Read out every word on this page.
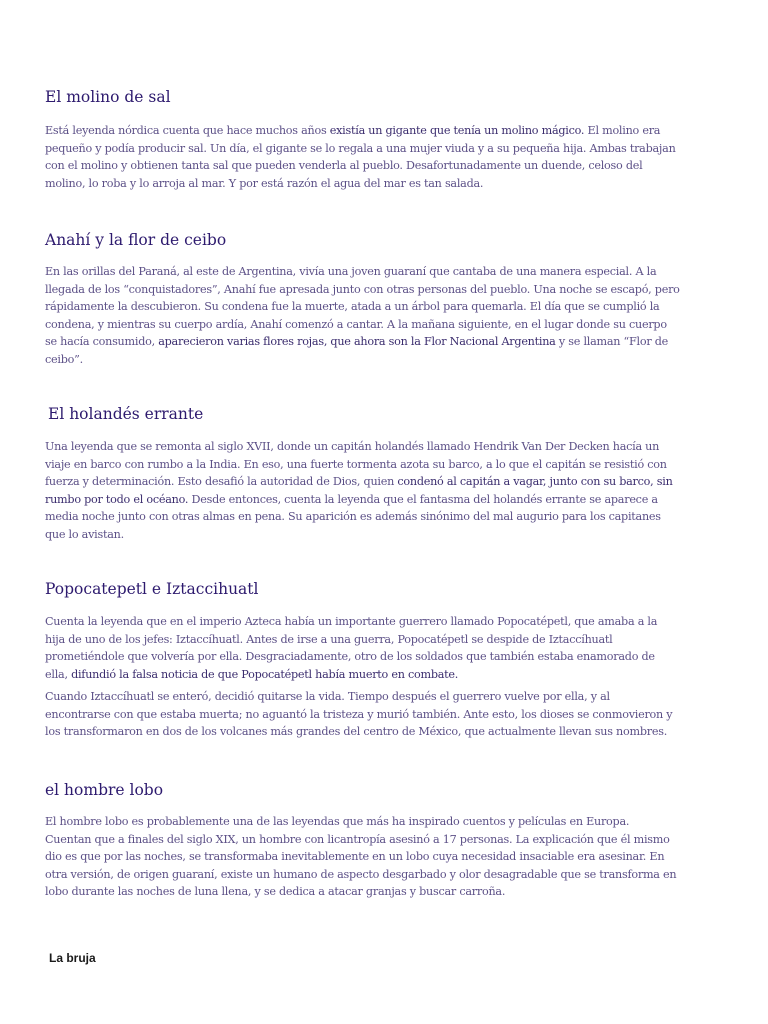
El molino de sal
Está leyenda nórdica cuenta que hace muchos años existía un gigante que tenía un molino mágico. El molino era
pequeño y podía producir sal. Un día, el gigante se lo regala a una mujer viuda y a su pequeña hija. Ambas trabajan
con el molino y obtienen tanta sal que pueden venderla al pueblo. Desafortunadamente un duende, celoso del
molino, lo roba y lo arroja al mar. Y por está razón el agua del mar es tan salada.
Anahí y la flor de ceibo
En las orillas del Paraná, al este de Argentina, vivía una joven guaraní que cantaba de una manera especial. A la
llegada de los “conquistadores”, Anahí fue apresada junto con otras personas del pueblo. Una noche se escapó, pero
rápidamente la descubieron. Su condena fue la muerte, atada a un árbol para quemarla. El día que se cumplió la
condena, y mientras su cuerpo ardía, Anahí comenzó a cantar. A la mañana siguiente, en el lugar donde su cuerpo
se hacía consumido, aparecieron varias flores rojas, que ahora son la Flor Nacional Argentina y se llaman “Flor de
ceibo”.
El holandés errante
Una leyenda que se remonta al siglo XVII, donde un capitán holandés llamado Hendrik Van Der Decken hacía un
viaje en barco con rumbo a la India. En eso, una fuerte tormenta azota su barco, a lo que el capitán se resistió con
fuerza y determinación. Esto desafió la autoridad de Dios, quien condenó al capitán a vagar, junto con su barco, sin
rumbo por todo el océano. Desde entonces, cuenta la leyenda que el fantasma del holandés errante se aparece a
media noche junto con otras almas en pena. Su aparición es además sinónimo del mal augurio para los capitanes
que lo avistan.
Popocatepetl e Iztaccihuatl
Cuenta la leyenda que en el imperio Azteca había un importante guerrero llamado Popocatépetl, que amaba a la
hija de uno de los jefes: Iztaccíhuatl. Antes de irse a una guerra, Popocatépetl se despide de Iztaccíhuatl
prometiéndole que volvería por ella. Desgraciadamente, otro de los soldados que también estaba enamorado de
ella, difundió la falsa noticia de que Popocatépetl había muerto en combate.
Cuando Iztaccíhuatl se enteró, decidió quitarse la vida. Tiempo después el guerrero vuelve por ella, y al
encontrarse con que estaba muerta; no aguantó la tristeza y murió también. Ante esto, los dioses se conmovieron y
los transformaron en dos de los volcanes más grandes del centro de México, que actualmente llevan sus nombres.
el hombre lobo
El hombre lobo es probablemente una de las leyendas que más ha inspirado cuentos y películas en Europa.
Cuentan que a finales del siglo XIX, un hombre con licantropía asesinó a 17 personas. La explicación que él mismo
dio es que por las noches, se transformaba inevitablemente en un lobo cuya necesidad insaciable era asesinar. En
otra versión, de origen guaraní, existe un humano de aspecto desgarbado y olor desagradable que se transforma en
lobo durante las noches de luna llena, y se dedica a atacar granjas y buscar carroña.

La bruja
